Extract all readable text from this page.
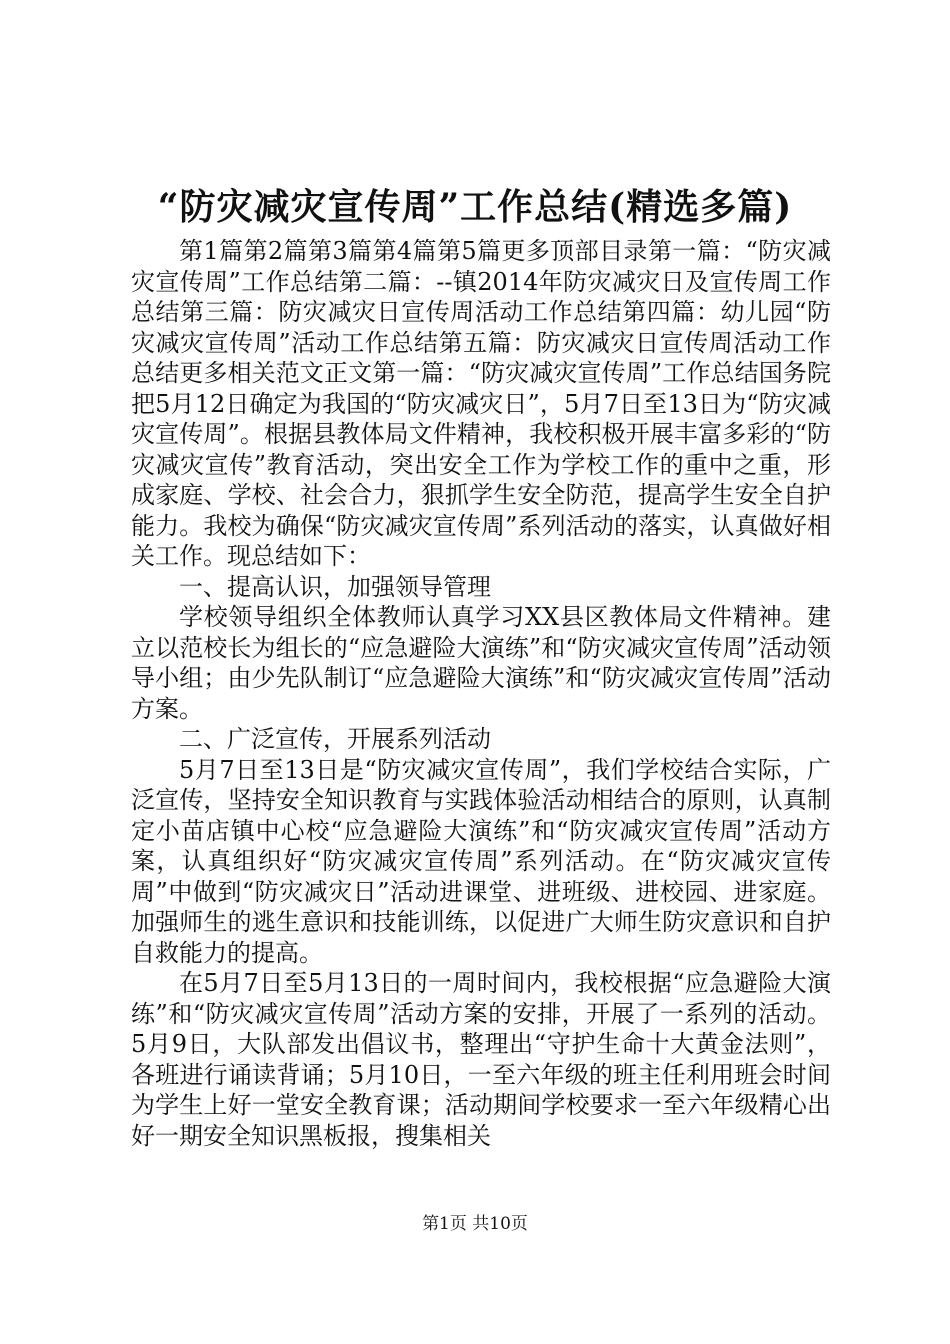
“防灾减灾宣传周”工作总结(精选多篇)

第1篇第2篇第3篇第4篇第5篇更多顶部目录第一篇：“防灾减灾宣传周”工作总结第二篇：--镇2014年防灾减灾日及宣传周工作总结第三篇：防灾减灾日宣传周活动工作总结第四篇：幼儿园“防灾减灾宣传周”活动工作总结第五篇：防灾减灾日宣传周活动工作总结更多相关范文正文第一篇：“防灾减灾宣传周”工作总结国务院把5月12日确定为我国的“防灾减灾日”，5月7日至13日为“防灾减灾宣传周”。根据县教体局文件精神，我校积极开展丰富多彩的“防灾减灾宣传”教育活动，突出安全工作为学校工作的重中之重，形成家庭、学校、社会合力，狠抓学生安全防范，提高学生安全自护能力。我校为确保“防灾减灾宣传周”系列活动的落实，认真做好相关工作。现总结如下：

一、提高认识，加强领导管理

学校领导组织全体教师认真学习XX县区教体局文件精神。建立以范校长为组长的“应急避险大演练”和“防灾减灾宣传周”活动领导小组；由少先队制订“应急避险大演练”和“防灾减灾宣传周”活动方案。

二、广泛宣传，开展系列活动

5月7日至13日是“防灾减灾宣传周”，我们学校结合实际，广泛宣传，坚持安全知识教育与实践体验活动相结合的原则，认真制定小苗店镇中心校“应急避险大演练”和“防灾减灾宣传周”活动方案，认真组织好“防灾减灾宣传周”系列活动。在“防灾减灾宣传周”中做到“防灾减灾日”活动进课堂、进班级、进校园、进家庭。加强师生的逃生意识和技能训练，以促进广大师生防灾意识和自护自救能力的提高。

在5月7日至5月13日的一周时间内，我校根据“应急避险大演练”和“防灾减灾宣传周”活动方案的安排，开展了一系列的活动。5月9日，大队部发出倡议书，整理出“守护生命十大黄金法则”，各班进行诵读背诵；5月10日，一至六年级的班主任利用班会时间为学生上好一堂安全教育课；活动期间学校要求一至六年级精心出好一期安全知识黑板报，搜集相关

第1页 共10页
